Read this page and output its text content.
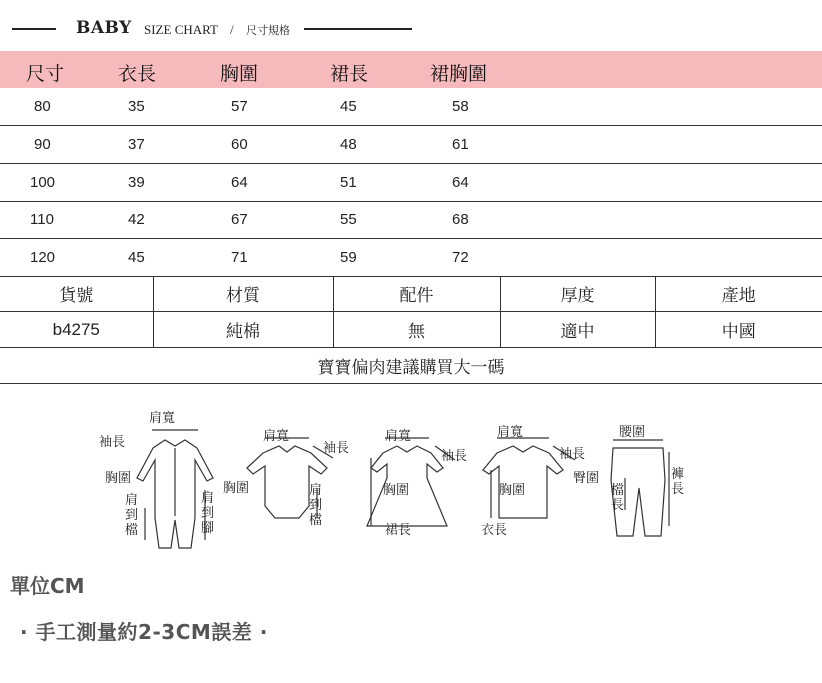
BABY SIZE CHART / 尺寸規格
尺寸	衣長	胸圍	裙長	裙胸圍
80	35	57	45	58
90	37	60	48	61
100	39	64	51	64
110	42	67	55	68
120	45	71	59	72
貨號	材質	配件	厚度	產地
b4275	純棉	無	適中	中國
寶寶偏肉建議購買大一碼				
肩寬
袖長
胸圍
肩到檔
肩到腳
肩寬
袖長
胸圍	肩到檔
肩寬
袖長
胸圍
裙長
肩寬
袖長
胸圍
衣長
腰圍
臀圍
檔長
褲長
單位CM
· 手工測量約2-3CM誤差 ·
